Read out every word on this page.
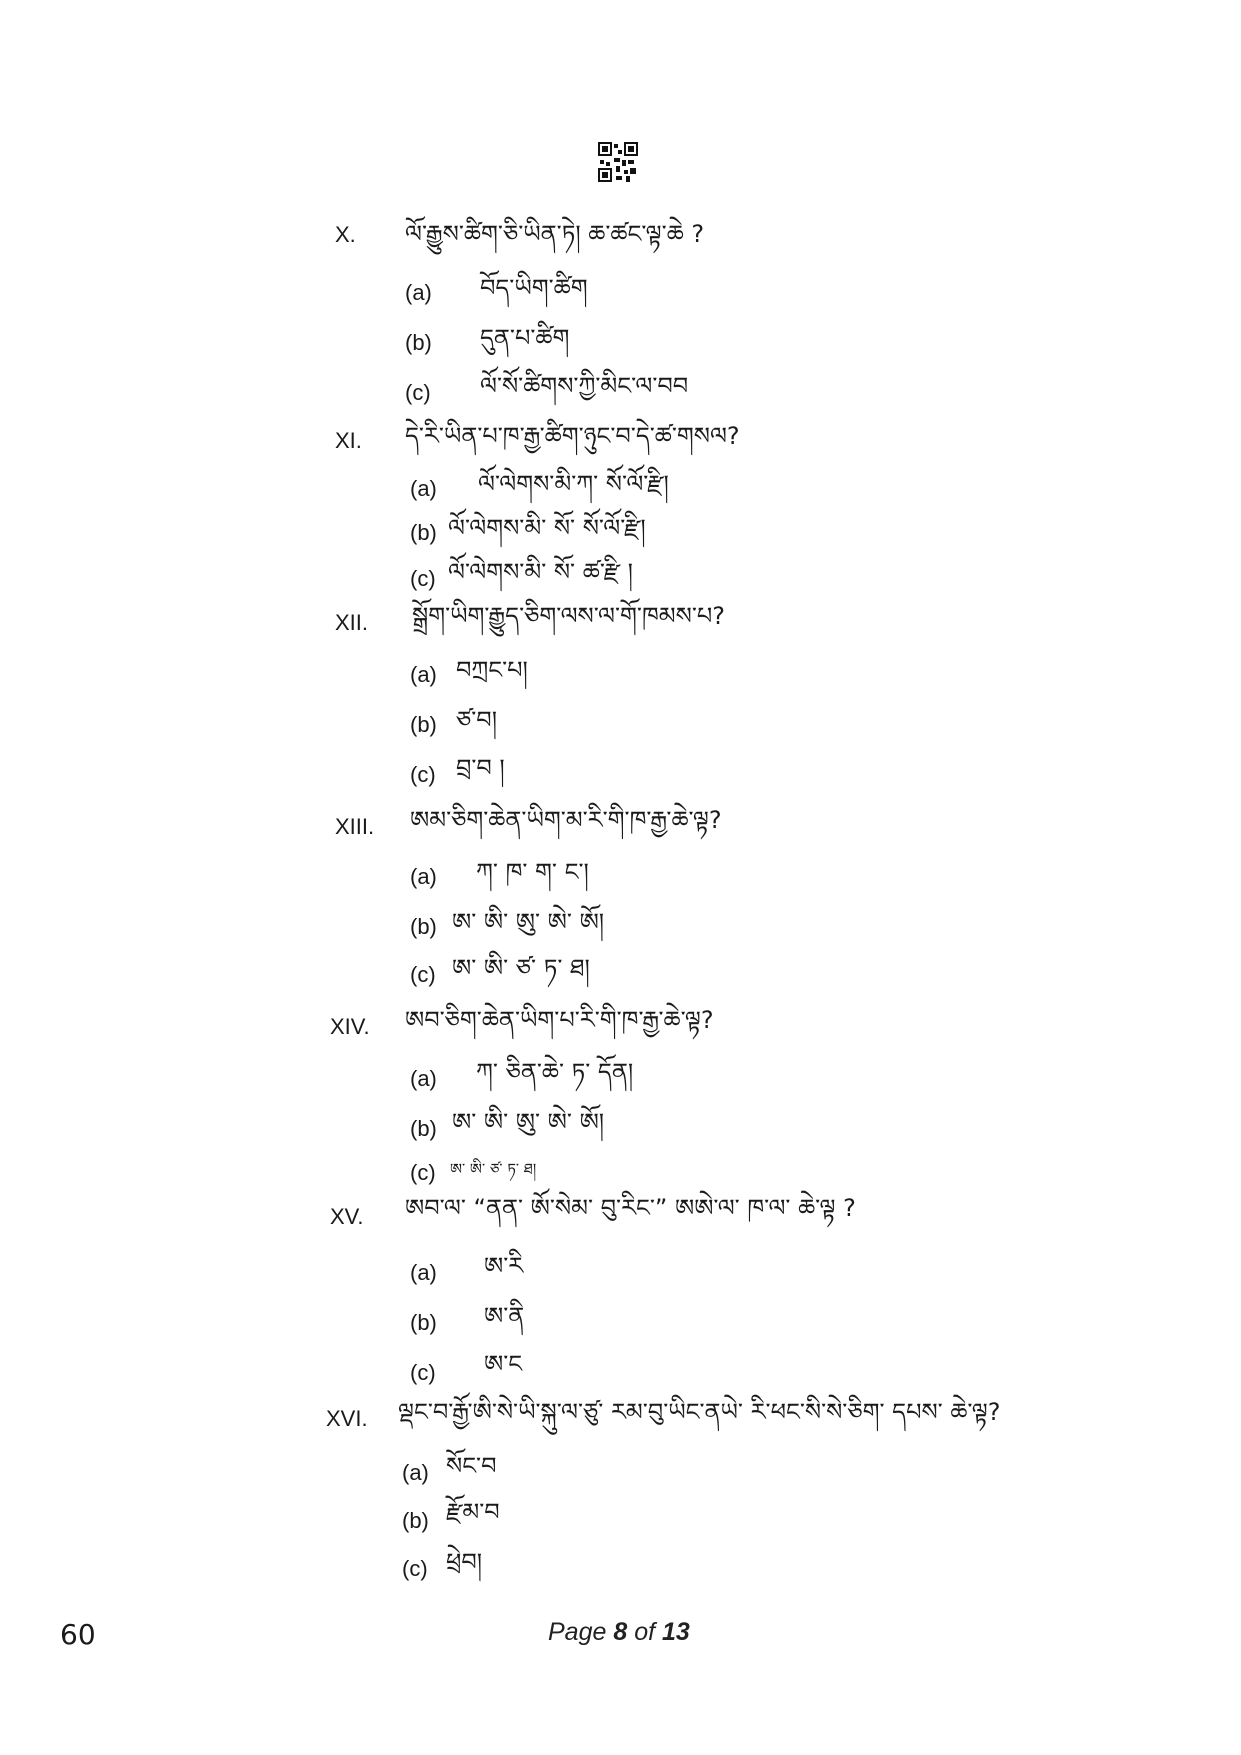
X. ལོ་རྒྱུས་ཚིག་ཅི་ཡིན་ཏེ། ཆ་ཚང་ལྟ་ཆེ ?
(a) བོད་ཡིག་ཚིག
(b) དུན་པ་ཚིག
(c) ལོ་སོ་ཚིགས་ཀྱི་མིང་ལ་བབ
XI. དེ་རི་ཡིན་པ་ཁ་རྒྱ་ཚིག་ཉུང་བ་དེ་ཚ་གསལ?
(a) ལོ་ལེགས་མི་ཀ་ སོ་ལོ་རྫི།
(b) ལོ་ལེགས་མི་ སོ་ སོ་ལོ་རྫི།
(c) ལོ་ལེགས་མི་ སོ་ ཚ་རྫི །
XII. སྒྲོག་ཡིག་རྒྱུད་ཅིག་ལས་ལ་གོ་ཁམས་པ?
(a) བཀྲང་པ།
(b) ཙ་བ།
(c) བྲ་བ །
XIII. ཨམ་ཅིག་ཆེན་ཡིག་མ་རི་གི་ཁ་རྒྱ་ཆེ་ལྟ?
(a) ཀ་ ཁ་ ག་ ང་།
(b) ཨ་ ཨི་ ཨུ་ ཨེ་ ཨོ།
(c) ཨ་ ཨི་ ཙ་ ཏ་ ཐ།
XIV. ཨབ་ཅིག་ཆེན་ཡིག་པ་རི་གི་ཁ་རྒྱ་ཆེ་ལྟ?
(a) ཀ་ ཅིན་ཆེ་ ཏ་ དོན།
(b) ཨ་ ཨི་ ཨུ་ ཨེ་ ཨོ།
(c) ཨ་ ཨི་ ཙ་ ཏ་ ཐ།
XV. ཨབ་ལ་ “ནན་ ཨོ་སེམ་ བུ་རིང་” ཨཨེ་ལ་ ཁ་ལ་ ཆེ་ལྟ ?
(a) ཨ་རི
(b) ཨ་ནི
(c) ཨ་ང
XVI. ལྡང་བ་རྒྱོ་ཨི་སེ་ཡི་སྐུ་ལ་ཙུ་ རམ་བུ་ཡིང་ནཡེ་ རི་ཕང་སི་སེ་ཅིག་ དཔས་ ཆེ་ལྟ?
(a) སོང་བ
(b) རྫོམ་བ
(c) ཕྲེབ།
60	Page 8 of 13
